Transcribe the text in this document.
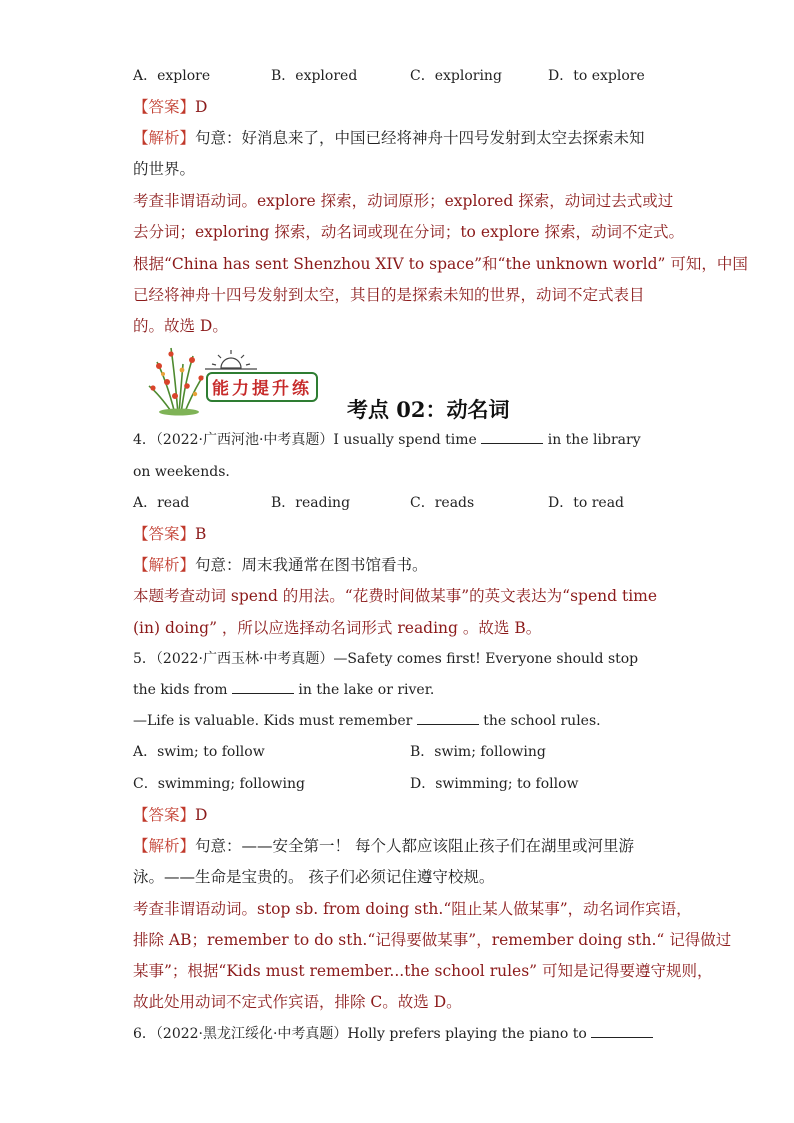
A．explore	B．explored	C．exploring	D．to explore
【答案】D
【解析】句意：好消息来了，中国已经将神舟十四号发射到太空去探索未知
的世界。
考查非谓语动词。explore 探索，动词原形；explored 探索，动词过去式或过
去分词；exploring 探索，动名词或现在分词；to explore 探索，动词不定式。
根据“China has sent Shenzhou XIV to space”和“the unknown world” 可知，中国
已经将神舟十四号发射到太空，其目的是探索未知的世界，动词不定式表目
的。故选 D。
能力提升练
考点 02：动名词
4．（2022·广西河池·中考真题）I usually spend time	in the library
on weekends.
A．read	B．reading	C．reads	D．to read
【答案】B
【解析】句意：周末我通常在图书馆看书。
本题考查动词 spend 的用法。“花费时间做某事”的英文表达为“spend time
(in) doing” ，所以应选择动名词形式 reading 。故选 B。
5．（2022·广西玉林·中考真题）—Safety comes first! Everyone should stop
the kids from	in the lake or river.
—Life is valuable. Kids must remember	the school rules.
A．swim; to follow	B．swim; following
C．swimming; following	D．swimming; to follow
【答案】D
【解析】句意：——安全第一！ 每个人都应该阻止孩子们在湖里或河里游
泳。——生命是宝贵的。 孩子们必须记住遵守校规。
考查非谓语动词。stop sb. from doing sth.“阻止某人做某事”，动名词作宾语，
排除 AB；remember to do sth.“记得要做某事”，remember doing sth.“ 记得做过
某事”；根据“Kids must remember...the school rules” 可知是记得要遵守规则，
故此处用动词不定式作宾语，排除 C。故选 D。
6．（2022·黑龙江绥化·中考真题）Holly prefers playing the piano to
